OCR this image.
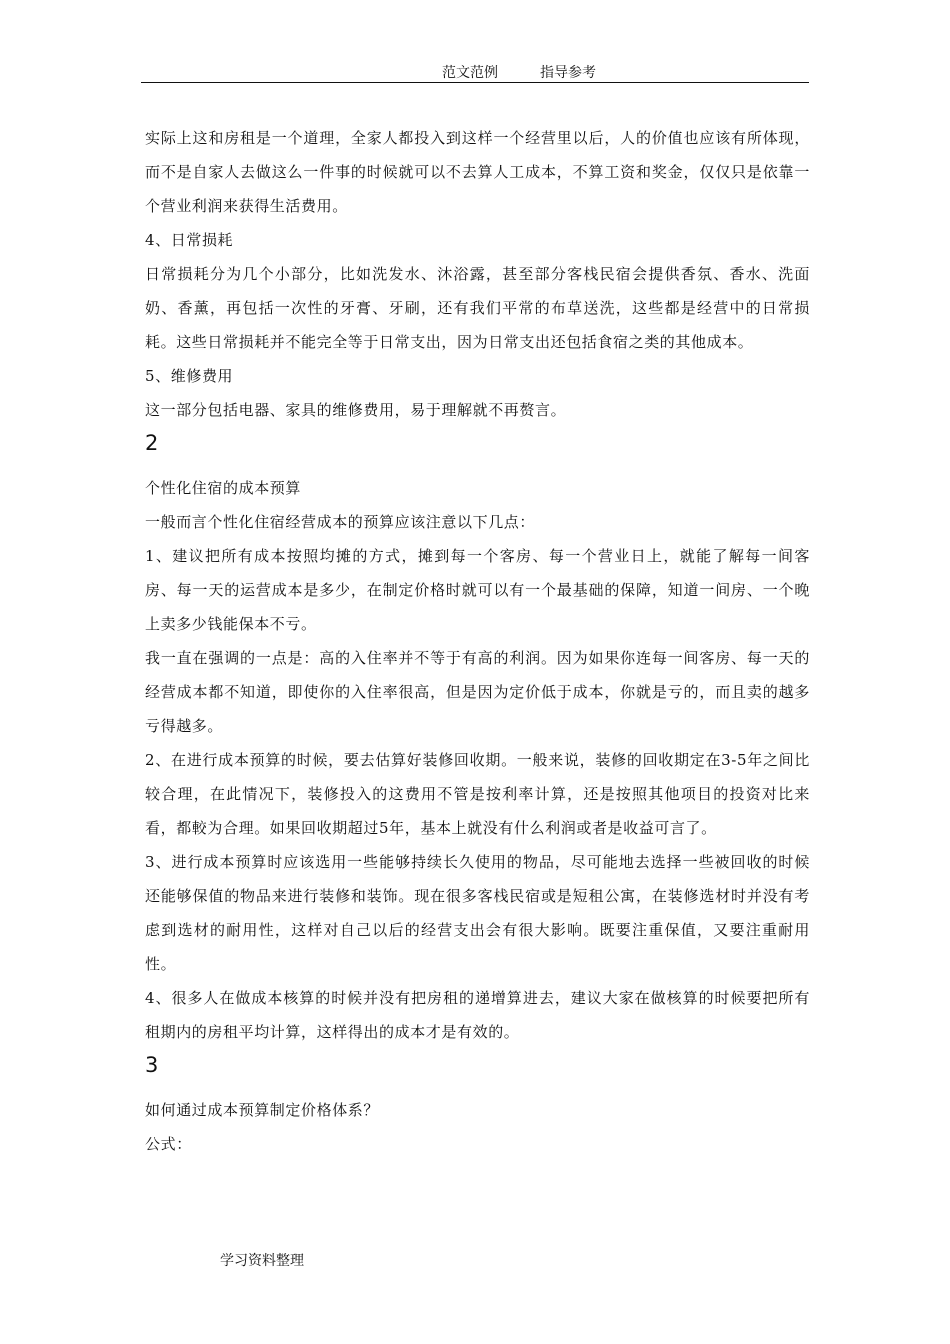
范文范例	指导参考

实际上这和房租是一个道理，全家人都投入到这样一个经营里以后，人的价值也应该有所体现，而不是自家人去做这么一件事的时候就可以不去算人工成本，不算工资和奖金，仅仅只是依靠一个营业利润来获得生活费用。

4、日常损耗

日常损耗分为几个小部分，比如洗发水、沐浴露，甚至部分客栈民宿会提供香氛、香水、洗面奶、香薰，再包括一次性的牙膏、牙刷，还有我们平常的布草送洗，这些都是经营中的日常损耗。这些日常损耗并不能完全等于日常支出，因为日常支出还包括食宿之类的其他成本。

5、维修费用

这一部分包括电器、家具的维修费用，易于理解就不再赘言。

2

个性化住宿的成本预算

一般而言个性化住宿经营成本的预算应该注意以下几点：

1、建议把所有成本按照均摊的方式，摊到每一个客房、每一个营业日上，就能了解每一间客房、每一天的运营成本是多少，在制定价格时就可以有一个最基础的保障，知道一间房、一个晚上卖多少钱能保本不亏。

我一直在强调的一点是：高的入住率并不等于有高的利润。因为如果你连每一间客房、每一天的经营成本都不知道，即使你的入住率很高，但是因为定价低于成本，你就是亏的，而且卖的越多亏得越多。

2、在进行成本预算的时候，要去估算好装修回收期。一般来说，装修的回收期定在3-5年之间比较合理，在此情况下，装修投入的这费用不管是按利率计算，还是按照其他项目的投资对比来看，都較为合理。如果回收期超过5年，基本上就没有什么利润或者是收益可言了。

3、进行成本预算时应该选用一些能够持续长久使用的物品，尽可能地去选择一些被回收的时候还能够保值的物品来进行装修和装饰。现在很多客栈民宿或是短租公寓，在装修选材时并没有考虑到选材的耐用性，这样对自己以后的经营支出会有很大影响。既要注重保值，又要注重耐用性。

4、很多人在做成本核算的时候并没有把房租的递增算进去，建议大家在做核算的时候要把所有租期内的房租平均计算，这样得出的成本才是有效的。

3

如何通过成本预算制定价格体系？

公式：

学习资料整理
